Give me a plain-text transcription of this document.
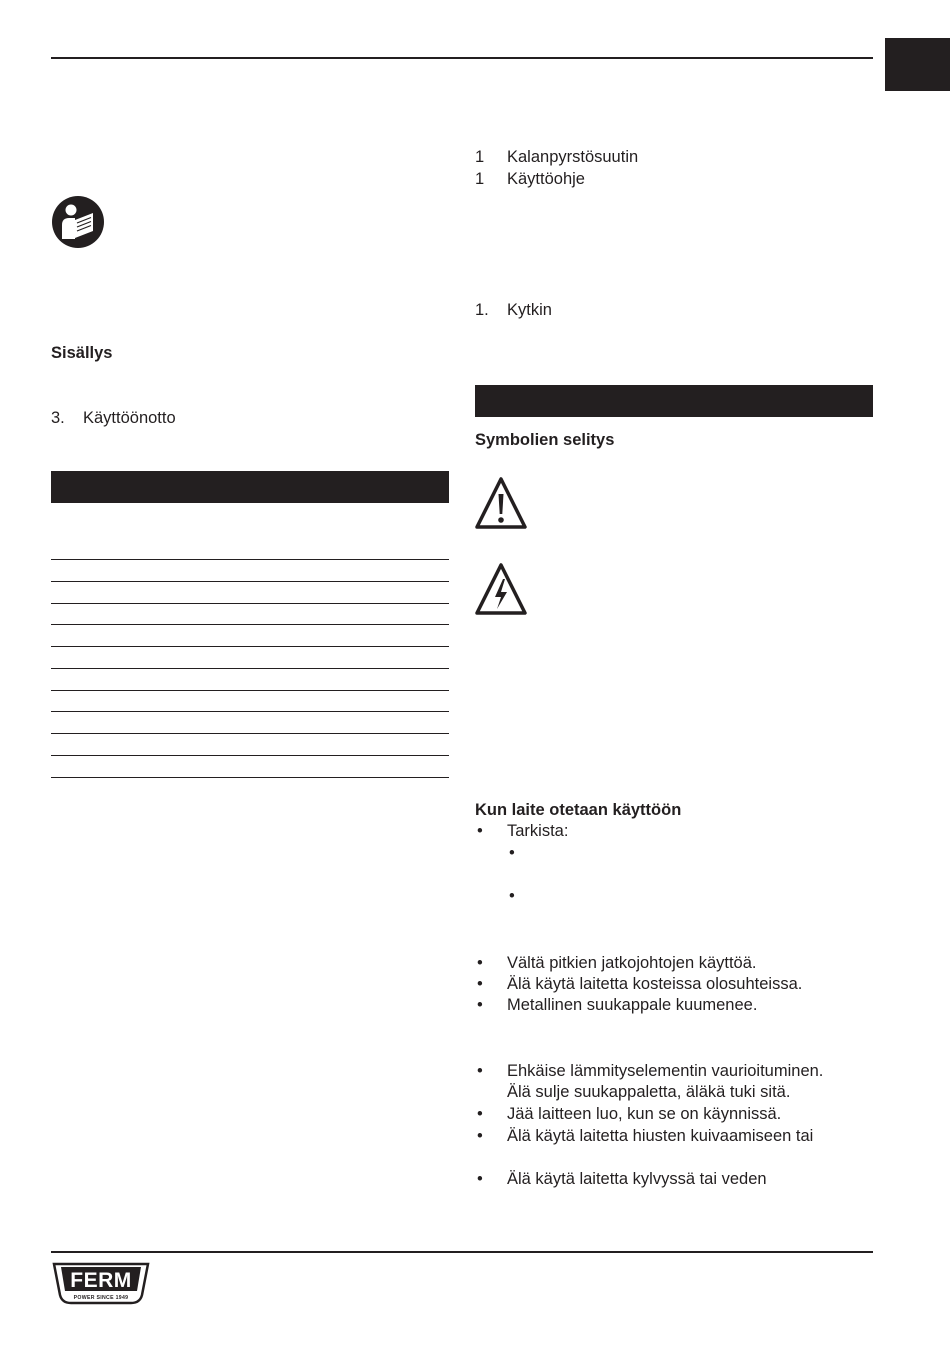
Sisällys
3. Käyttöönotto
1 Kalanpyrstösuutin
1 Käyttöohje
1. Kytkin
Symbolien selitys
Kun laite otetaan käyttöön
• Tarkista:
•
•
• Vältä pitkien jatkojohtojen käyttöä.
• Älä käytä laitetta kosteissa olosuhteissa.
• Metallinen suukappale kuumenee.
• Ehkäise lämmityselementin vaurioituminen.
Älä sulje suukappaletta, äläkä tuki sitä.
• Jää laitteen luo, kun se on käynnissä.
• Älä käytä laitetta hiusten kuivaamiseen tai
• Älä käytä laitetta kylvyssä tai veden
FERM
POWER SINCE 1949
